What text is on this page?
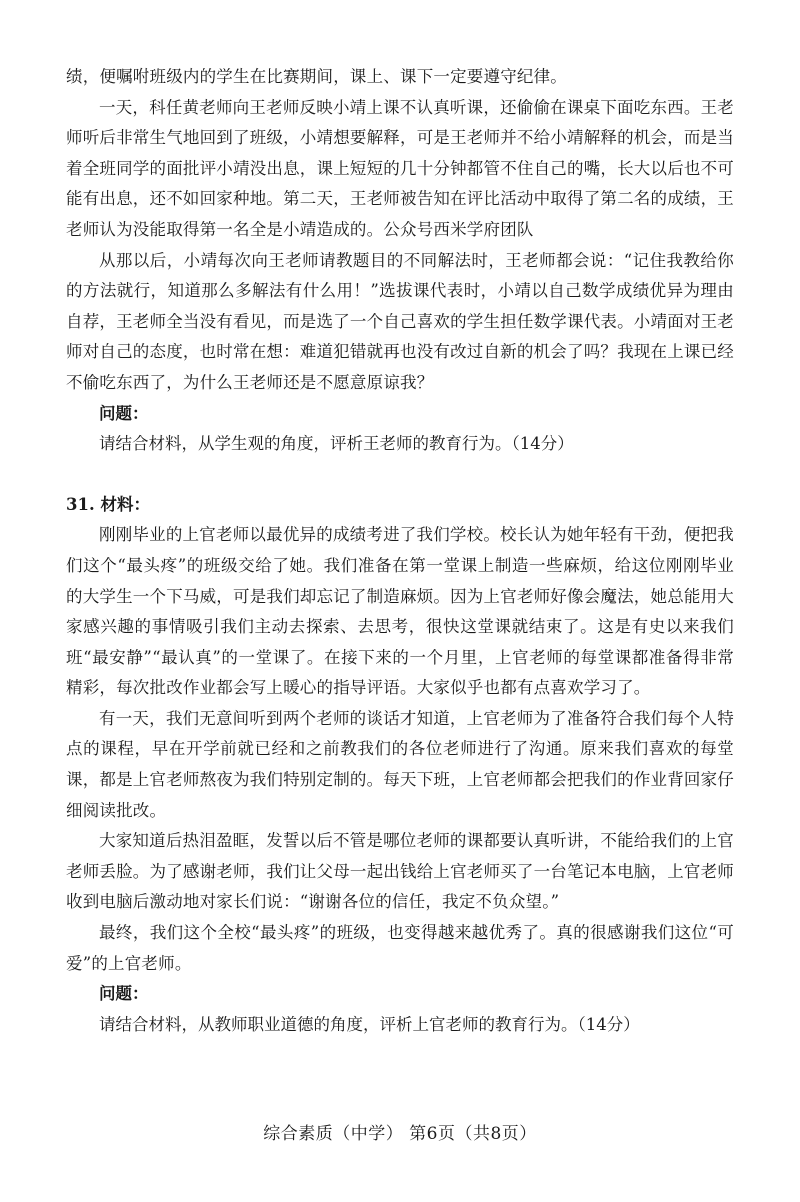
绩，便嘱咐班级内的学生在比赛期间，课上、课下一定要遵守纪律。

一天，科任黄老师向王老师反映小靖上课不认真听课，还偷偷在课桌下面吃东西。王老师听后非常生气地回到了班级，小靖想要解释，可是王老师并不给小靖解释的机会，而是当着全班同学的面批评小靖没出息，课上短短的几十分钟都管不住自己的嘴，长大以后也不可能有出息，还不如回家种地。第二天，王老师被告知在评比活动中取得了第二名的成绩，王老师认为没能取得第一名全是小靖造成的。公众号西米学府团队

从那以后，小靖每次向王老师请教题目的不同解法时，王老师都会说：“记住我教给你的方法就行，知道那么多解法有什么用！”选拔课代表时，小靖以自己数学成绩优异为理由自荐，王老师全当没有看见，而是选了一个自己喜欢的学生担任数学课代表。小靖面对王老师对自己的态度，也时常在想：难道犯错就再也没有改过自新的机会了吗？我现在上课已经不偷吃东西了，为什么王老师还是不愿意原谅我？

问题：
请结合材料，从学生观的角度，评析王老师的教育行为。（14分）
31. 材料：

刚刚毕业的上官老师以最优异的成绩考进了我们学校。校长认为她年轻有干劲，便把我们这个“最头疼”的班级交给了她。我们准备在第一堂课上制造一些麻烦，给这位刚刚毕业的大学生一个下马威，可是我们却忘记了制造麻烦。因为上官老师好像会魔法，她总能用大家感兴趣的事情吸引我们主动去探索、去思考，很快这堂课就结束了。这是有史以来我们班“最安静”“最认真”的一堂课了。在接下来的一个月里，上官老师的每堂课都准备得非常精彩，每次批改作业都会写上暖心的指导评语。大家似乎也都有点喜欢学习了。

有一天，我们无意间听到两个老师的谈话才知道，上官老师为了准备符合我们每个人特点的课程，早在开学前就已经和之前教我们的各位老师进行了沟通。原来我们喜欢的每堂课，都是上官老师熬夜为我们特别定制的。每天下班，上官老师都会把我们的作业背回家仔细阅读批改。

大家知道后热泪盈眶，发誓以后不管是哪位老师的课都要认真听讲，不能给我们的上官老师丢脸。为了感谢老师，我们让父母一起出钱给上官老师买了一台笔记本电脑，上官老师收到电脑后激动地对家长们说：“谢谢各位的信任，我定不负众望。”

最终，我们这个全校“最头疼”的班级，也变得越来越优秀了。真的很感谢我们这位“可爱”的上官老师。

问题：
请结合材料，从教师职业道德的角度，评析上官老师的教育行为。（14分）
综合素质（中学） 第6页（共8页）
